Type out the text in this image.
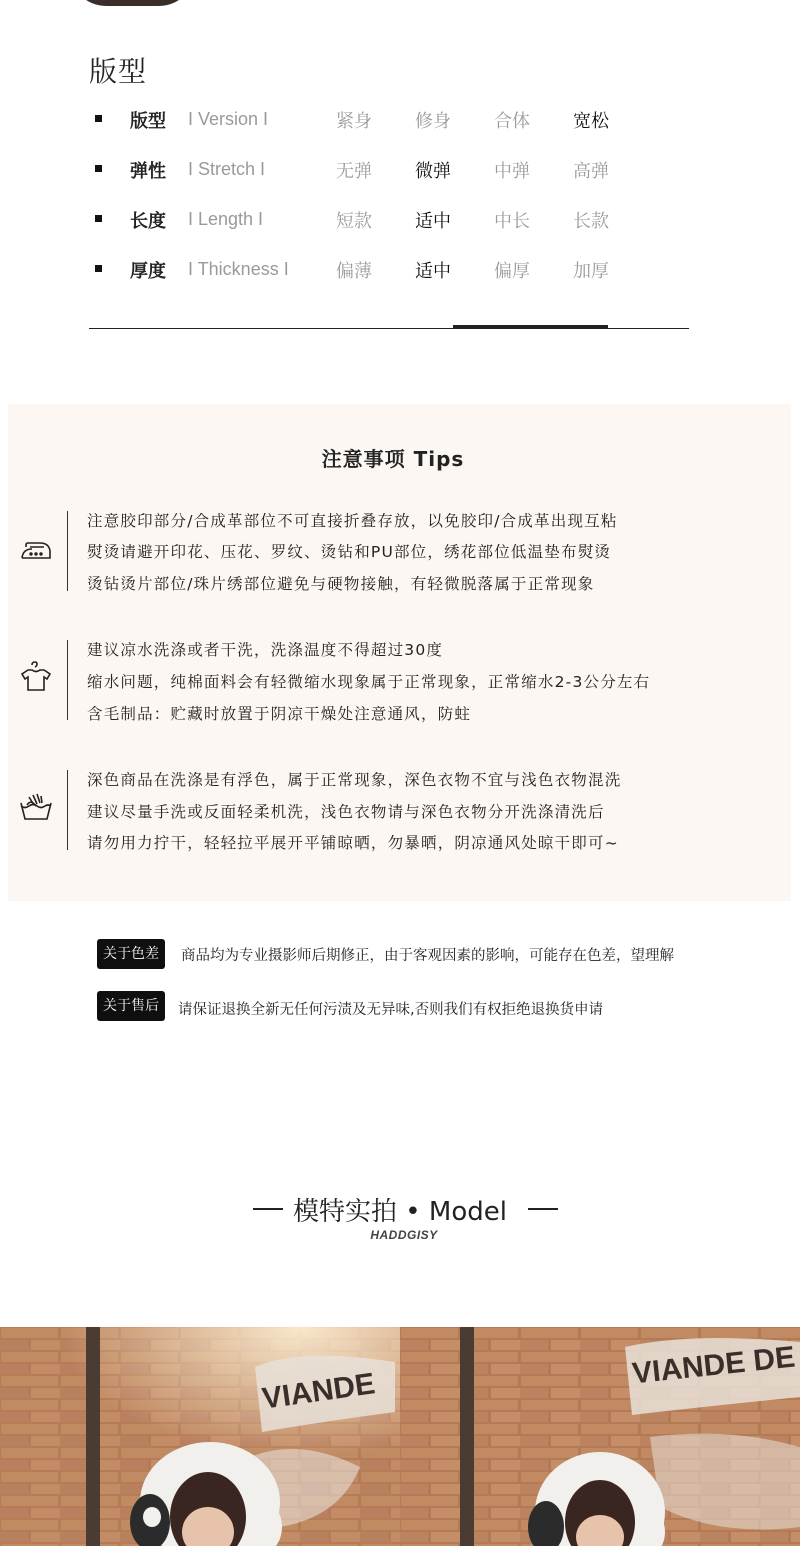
版型
版型 I Version I	紧身 修身 合体 宽松
弹性 I Stretch I	无弹 微弹 中弹 高弹
长度 I Length I	短款 适中 中长 长款
厚度 I Thickness I	偏薄 适中 偏厚 加厚
注意事项 Tips
注意胶印部分/合成革部位不可直接折叠存放，以免胶印/合成革出现互粘
熨烫请避开印花、压花、罗纹、烫钻和PU部位，绣花部位低温垫布熨烫
烫钻烫片部位/珠片绣部位避免与硬物接触，有轻微脱落属于正常现象
建议凉水洗涤或者干洗，洗涤温度不得超过30度
缩水问题，纯棉面料会有轻微缩水现象属于正常现象，正常缩水2-3公分左右
含毛制品：贮藏时放置于阴凉干燥处注意通风，防蛀
深色商品在洗涤是有浮色，属于正常现象，深色衣物不宜与浅色衣物混洗
建议尽量手洗或反面轻柔机洗，浅色衣物请与深色衣物分开洗涤清洗后
请勿用力拧干，轻轻拉平展开平铺晾晒，勿暴晒，阴凉通风处晾干即可~
关于色差	商品均为专业摄影师后期修正，由于客观因素的影响，可能存在色差，望理解
关于售后	请保证退换全新无任何污渍及无异味,否则我们有权拒绝退换货申请
模特实拍 • Model
HADDGISY
VIANDE
VIANDE DE
